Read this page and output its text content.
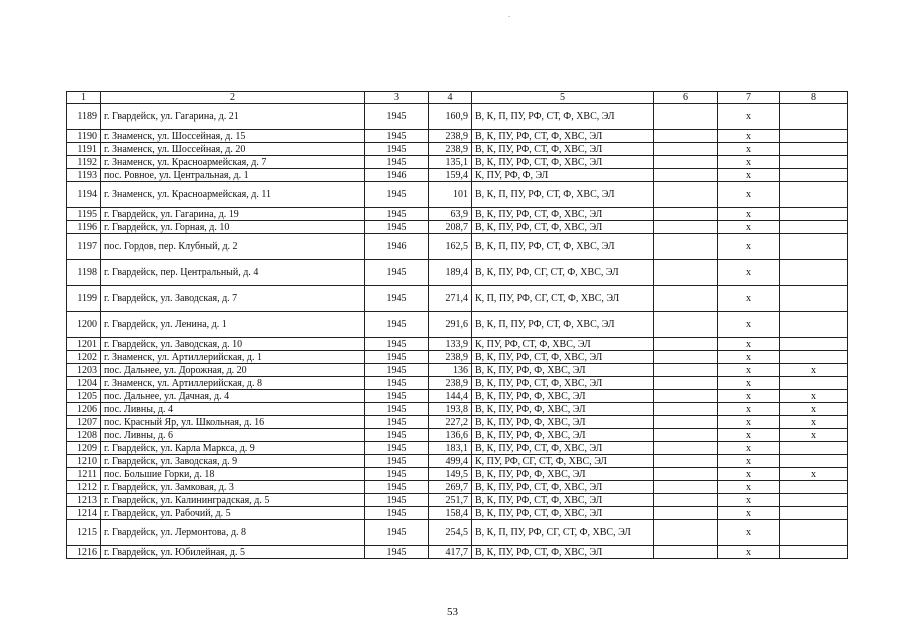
.
1	2	3	4	5	6	7	8
1189	г. Гвардейск, ул. Гагарина, д. 21	1945	160,9	В, К, П, ПУ, РФ, СТ, Ф, ХВС, ЭЛ		x	
1190	г. Знаменск, ул. Шоссейная, д. 15	1945	238,9	В, К, ПУ, РФ, СТ, Ф, ХВС, ЭЛ		x	
1191	г. Знаменск, ул. Шоссейная, д. 20	1945	238,9	В, К, ПУ, РФ, СТ, Ф, ХВС, ЭЛ		x	
1192	г. Знаменск, ул. Красноармейская, д. 7	1945	135,1	В, К, ПУ, РФ, СТ, Ф, ХВС, ЭЛ		x	
1193	пос. Ровное, ул. Центральная, д. 1	1946	159,4	К, ПУ, РФ, Ф, ЭЛ		x	
1194	г. Знаменск, ул. Красноармейская, д. 11	1945	101	В, К, П, ПУ, РФ, СТ, Ф, ХВС, ЭЛ		x	
1195	г. Гвардейск, ул. Гагарина, д. 19	1945	63,9	В, К, ПУ, РФ, СТ, Ф, ХВС, ЭЛ		x	
1196	г. Гвардейск, ул. Горная, д. 10	1945	208,7	В, К, ПУ, РФ, СТ, Ф, ХВС, ЭЛ		x	
1197	пос. Гордов, пер. Клубный, д. 2	1946	162,5	В, К, П, ПУ, РФ, СТ, Ф, ХВС, ЭЛ		x	
1198	г. Гвардейск, пер. Центральный, д. 4	1945	189,4	В, К, ПУ, РФ, СГ, СТ, Ф, ХВС, ЭЛ		x	
1199	г. Гвардейск, ул. Заводская, д. 7	1945	271,4	К, П, ПУ, РФ, СГ, СТ, Ф, ХВС, ЭЛ		x	
1200	г. Гвардейск, ул. Ленина, д. 1	1945	291,6	В, К, П, ПУ, РФ, СТ, Ф, ХВС, ЭЛ		x	
1201	г. Гвардейск, ул. Заводская, д. 10	1945	133,9	К, ПУ, РФ, СТ, Ф, ХВС, ЭЛ		x	
1202	г. Знаменск, ул. Артиллерийская, д. 1	1945	238,9	В, К, ПУ, РФ, СТ, Ф, ХВС, ЭЛ		x	
1203	пос. Дальнее, ул. Дорожная, д. 20	1945	136	В, К, ПУ, РФ, Ф, ХВС, ЭЛ		x	x
1204	г. Знаменск, ул. Артиллерийская, д. 8	1945	238,9	В, К, ПУ, РФ, СТ, Ф, ХВС, ЭЛ		x	
1205	пос. Дальнее, ул. Дачная, д. 4	1945	144,4	В, К, ПУ, РФ, Ф, ХВС, ЭЛ		x	x
1206	пос. Ливны, д. 4	1945	193,8	В, К, ПУ, РФ, Ф, ХВС, ЭЛ		x	x
1207	пос. Красный Яр, ул. Школьная, д. 16	1945	227,2	В, К, ПУ, РФ, Ф, ХВС, ЭЛ		x	x
1208	пос. Ливны, д. 6	1945	136,6	В, К, ПУ, РФ, Ф, ХВС, ЭЛ		x	x
1209	г. Гвардейск, ул. Карла Маркса, д. 9	1945	183,1	В, К, ПУ, РФ, СТ, Ф, ХВС, ЭЛ		x	
1210	г. Гвардейск, ул. Заводская, д. 9	1945	499,4	К, ПУ, РФ, СГ, СТ, Ф, ХВС, ЭЛ		x	
1211	пос. Большие Горки, д. 18	1945	149,5	В, К, ПУ, РФ, Ф, ХВС, ЭЛ		x	x
1212	г. Гвардейск, ул. Замковая, д. 3	1945	269,7	В, К, ПУ, РФ, СТ, Ф, ХВС, ЭЛ		x	
1213	г. Гвардейск, ул. Калининградская, д. 5	1945	251,7	В, К, ПУ, РФ, СТ, Ф, ХВС, ЭЛ		x	
1214	г. Гвардейск, ул. Рабочий, д. 5	1945	158,4	В, К, ПУ, РФ, СТ, Ф, ХВС, ЭЛ		x	
1215	г. Гвардейск, ул. Лермонтова, д. 8	1945	254,5	В, К, П, ПУ, РФ, СГ, СТ, Ф, ХВС, ЭЛ		x	
1216	г. Гвардейск, ул. Юбилейная, д. 5	1945	417,7	В, К, ПУ, РФ, СТ, Ф, ХВС, ЭЛ		x	
53
